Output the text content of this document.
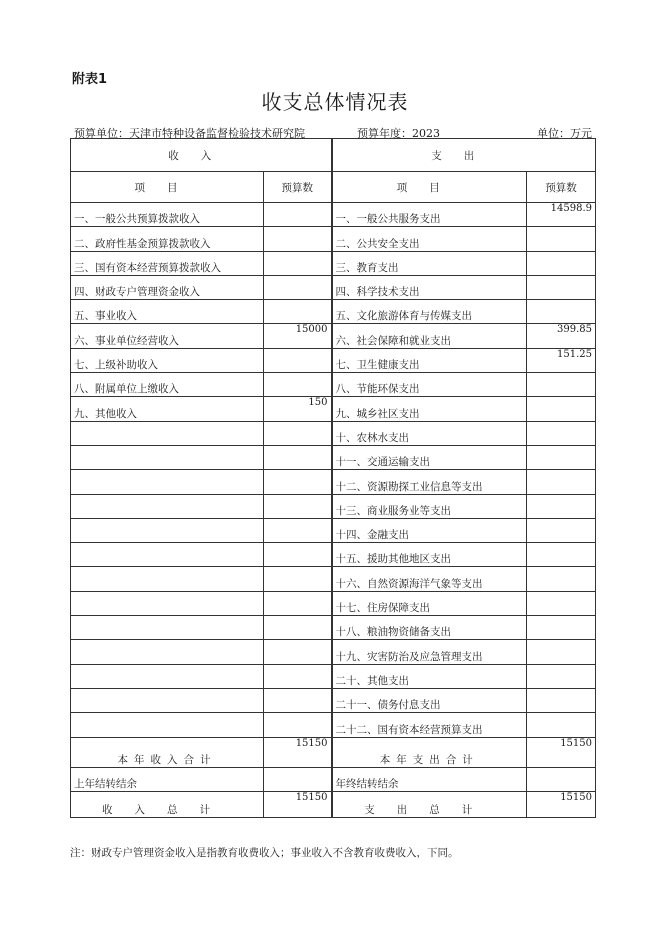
附表1
收支总体情况表
预算单位：天津市特种设备监督检验技术研究院	预算年度：2023	单位：万元
收入		支出	
项目	预算数	项目	预算数
一、一般公共预算拨款收入		一、一般公共服务支出	14598.9
二、政府性基金预算拨款收入		二、公共安全支出	
三、国有资本经营预算拨款收入		三、教育支出	
四、财政专户管理资金收入		四、科学技术支出	
五、事业收入		五、文化旅游体育与传媒支出	
六、事业单位经营收入	15000	六、社会保障和就业支出	399.85
七、上级补助收入		七、卫生健康支出	151.25
八、附属单位上缴收入		八、节能环保支出	
九、其他收入	150	九、城乡社区支出	
		十、农林水支出	
		十一、交通运输支出	
		十二、资源勘探工业信息等支出	
		十三、商业服务业等支出	
		十四、金融支出	
		十五、援助其他地区支出	
		十六、自然资源海洋气象等支出	
		十七、住房保障支出	
		十八、粮油物资储备支出	
		十九、灾害防治及应急管理支出	
		二十、其他支出	
		二十一、债务付息支出	
		二十二、国有资本经营预算支出	
本年收入合计	15150	本年支出合计	15150
上年结转结余		年终结转结余	
收入总计	15150	支出总计	15150
注：财政专户管理资金收入是指教育收费收入；事业收入不含教育收费收入，下同。
